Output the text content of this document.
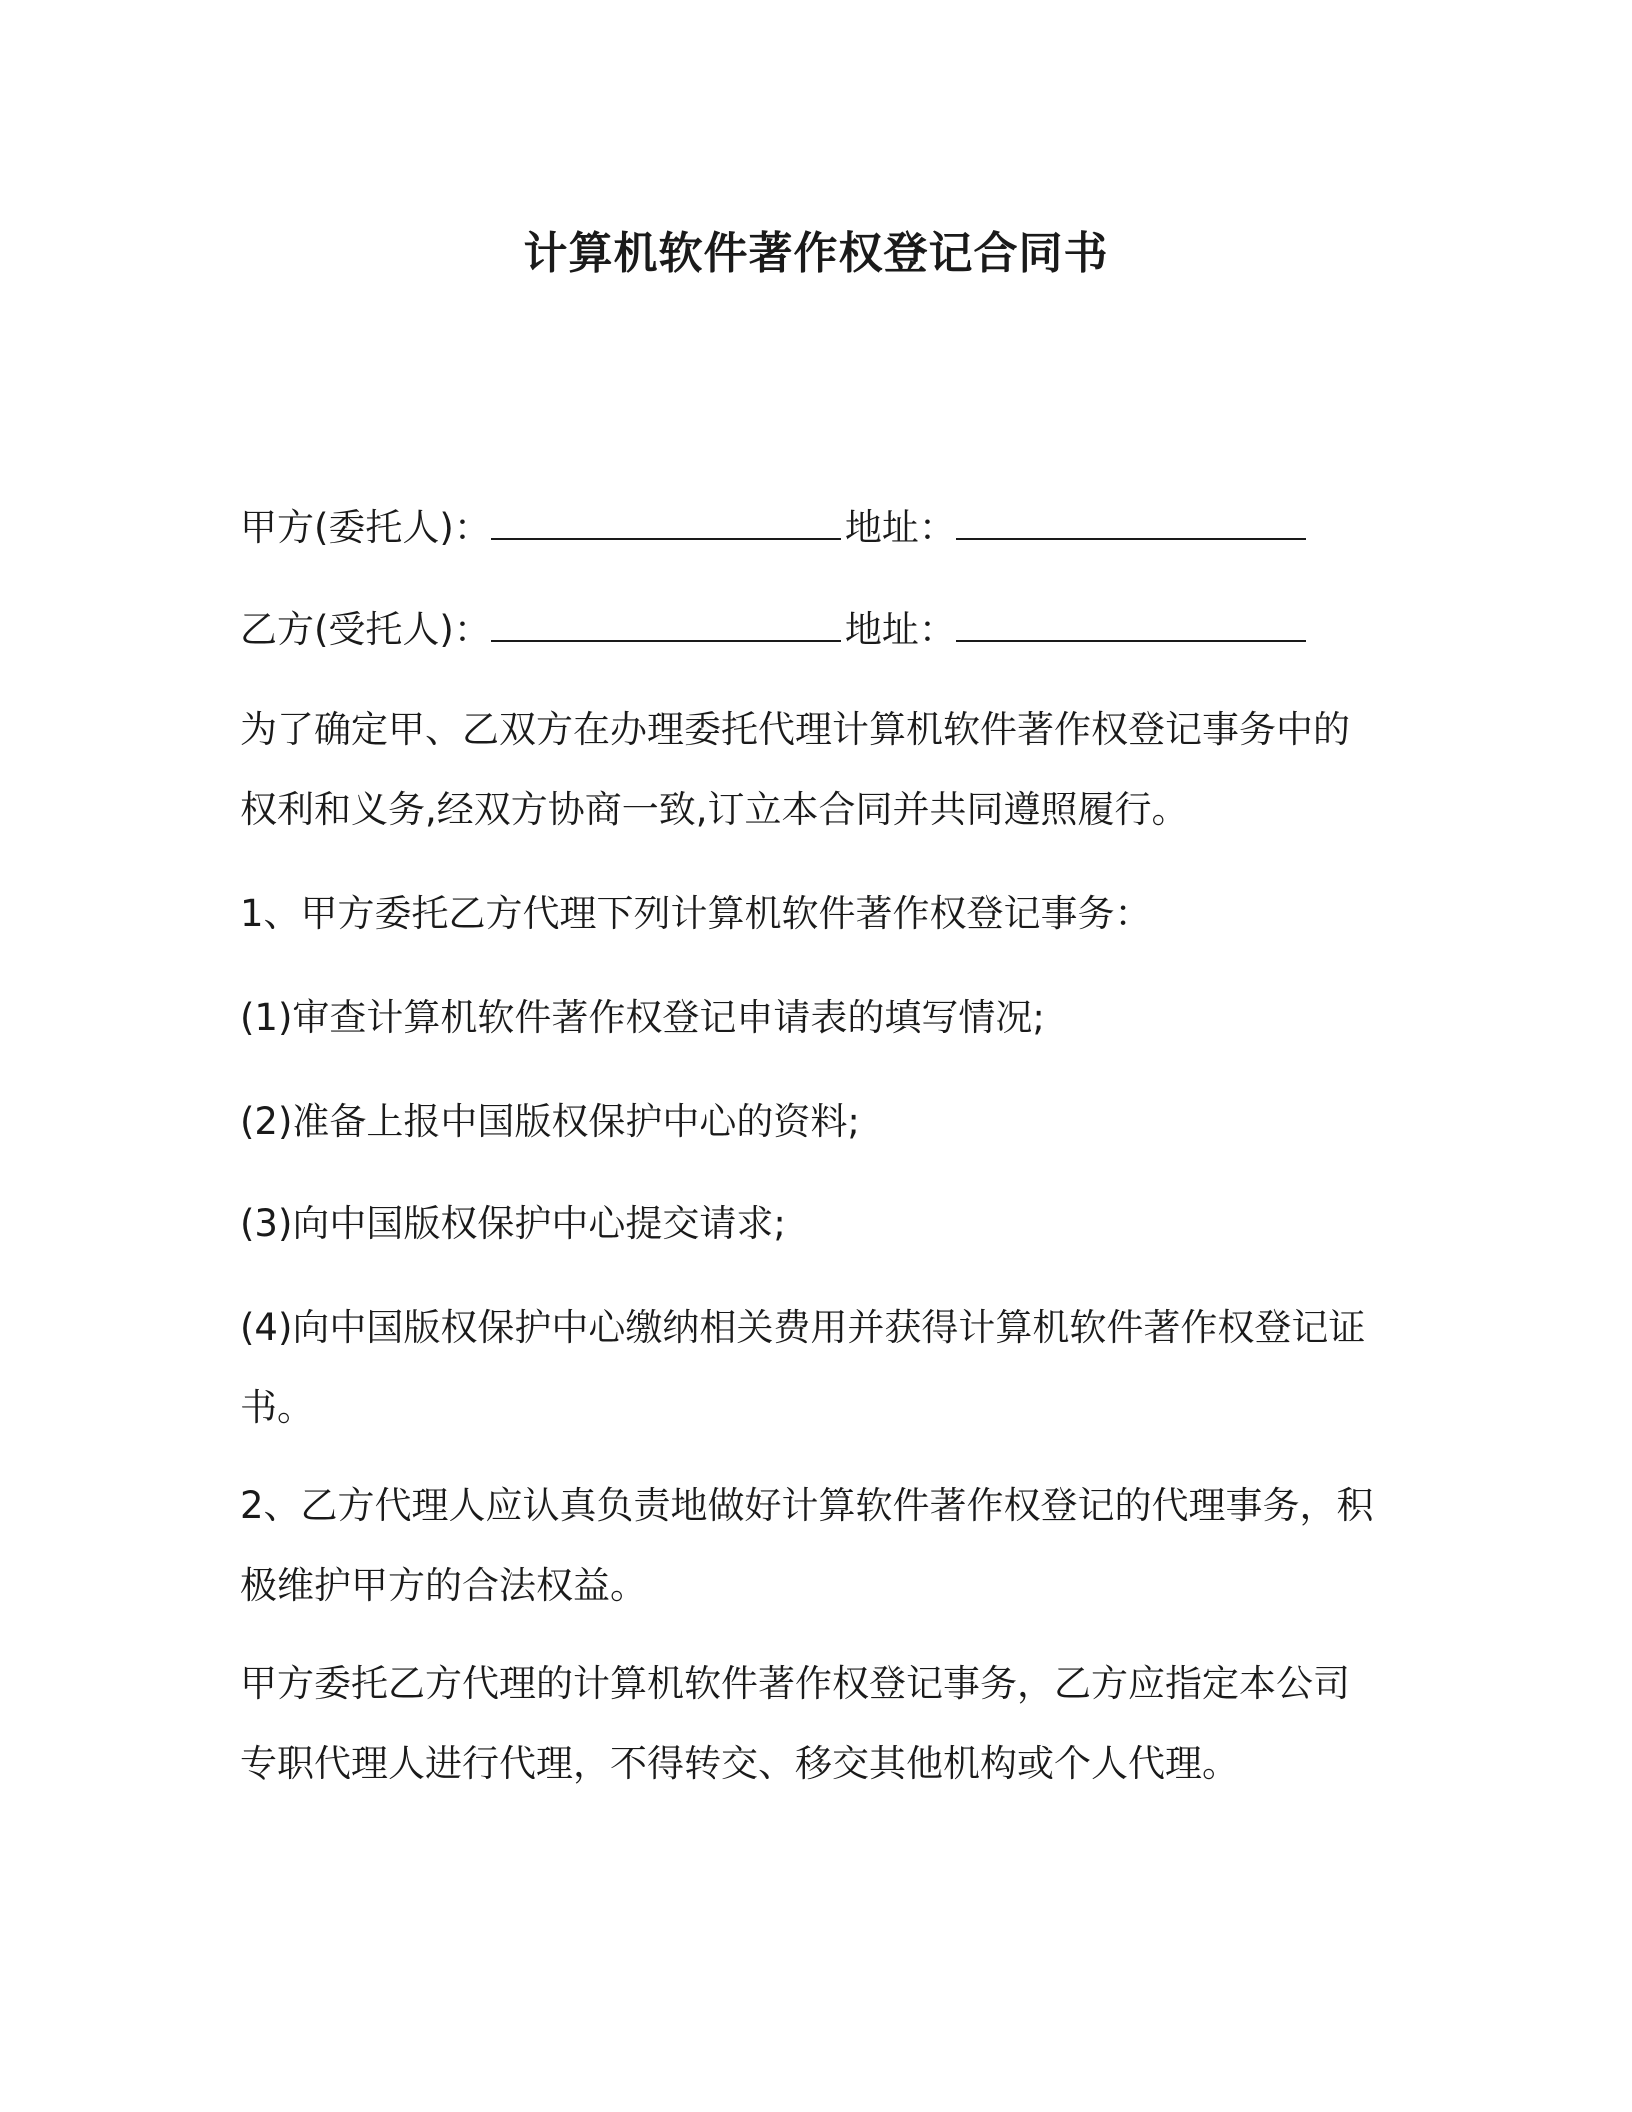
计算机软件著作权登记合同书
甲方(委托人)：	地址：
乙方(受托人)：	地址：

为了确定甲、乙双方在办理委托代理计算机软件著作权登记事务中的权利和义务,经双方协商一致,订立本合同并共同遵照履行。

1、甲方委托乙方代理下列计算机软件著作权登记事务：

(1)审查计算机软件著作权登记申请表的填写情况;

(2)准备上报中国版权保护中心的资料;

(3)向中国版权保护中心提交请求;

(4)向中国版权保护中心缴纳相关费用并获得计算机软件著作权登记证书。

2、乙方代理人应认真负责地做好计算软件著作权登记的代理事务，积极维护甲方的合法权益。

甲方委托乙方代理的计算机软件著作权登记事务，乙方应指定本公司专职代理人进行代理，不得转交、移交其他机构或个人代理。
